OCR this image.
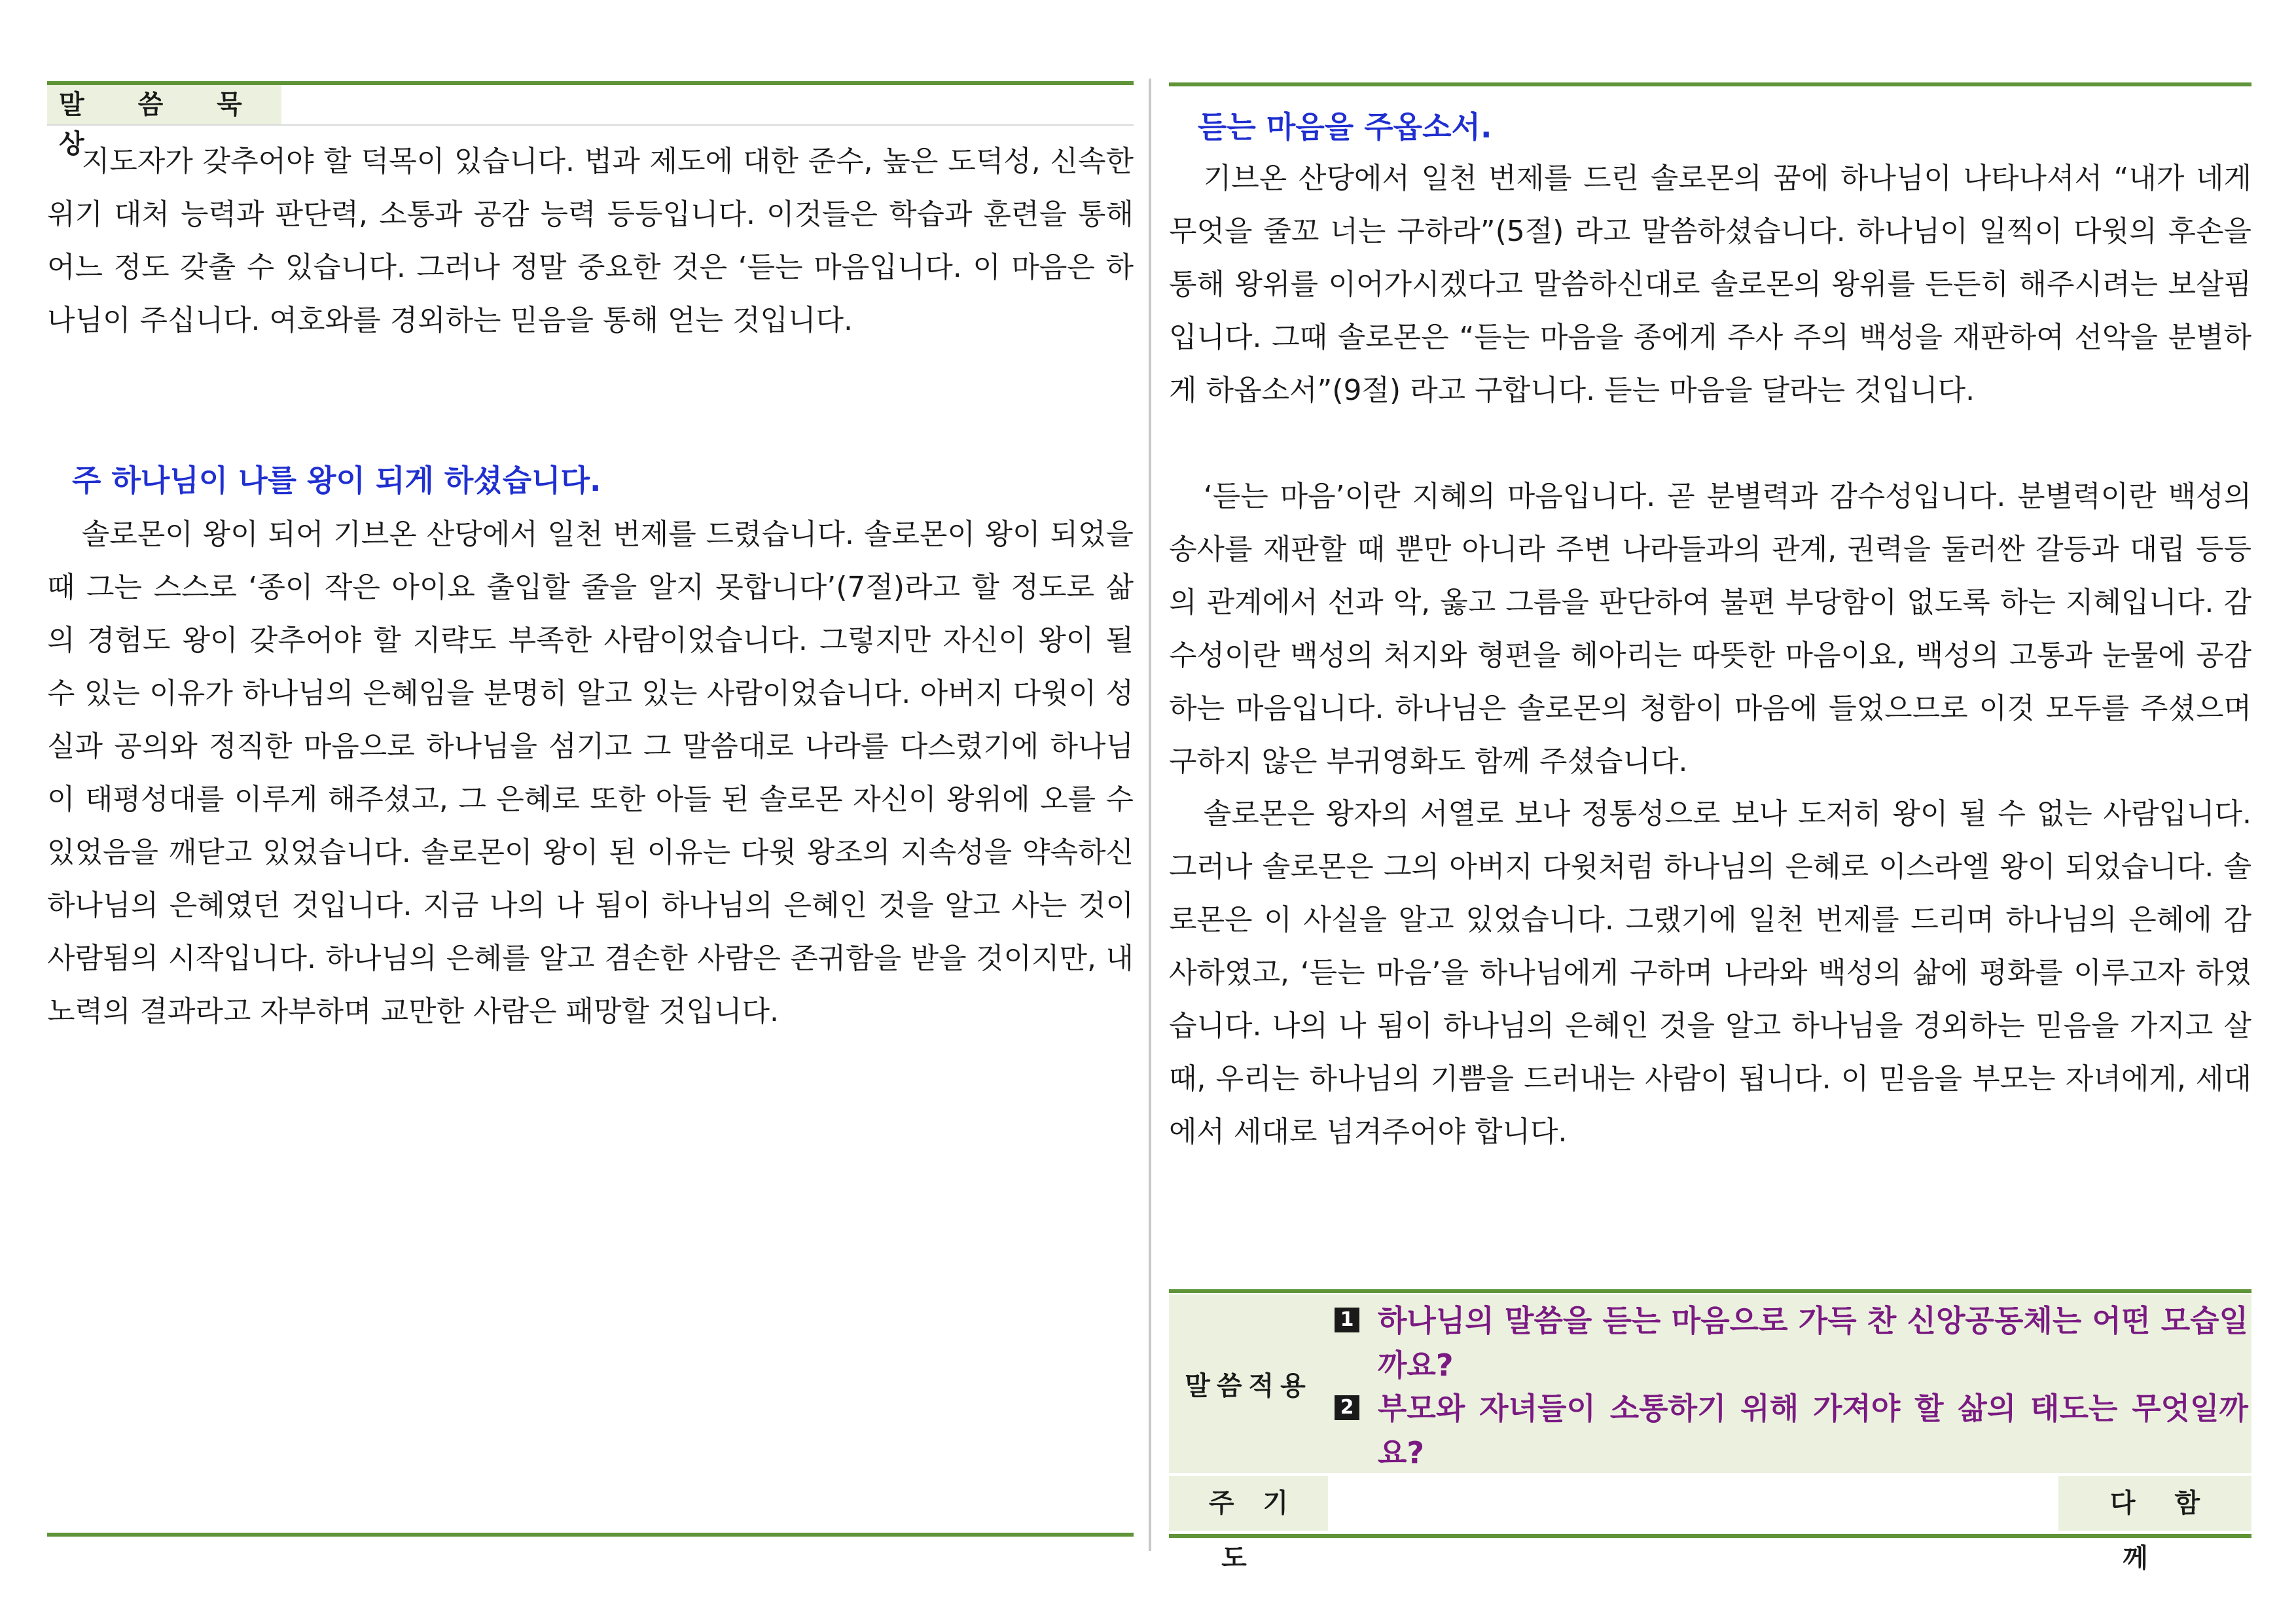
말 씀 묵 상

지도자가 갖추어야 할 덕목이 있습니다. 법과 제도에 대한 준수, 높은 도덕성, 신속한 위기 대처 능력과 판단력, 소통과 공감 능력 등등입니다. 이것들은 학습과 훈련을 통해 어느 정도 갖출 수 있습니다. 그러나 정말 중요한 것은 ‘듣는 마음입니다. 이 마음은 하나님이 주십니다. 여호와를 경외하는 믿음을 통해 얻는 것입니다.

주 하나님이 나를 왕이 되게 하셨습니다.

솔로몬이 왕이 되어 기브온 산당에서 일천 번제를 드렸습니다. 솔로몬이 왕이 되었을 때 그는 스스로 ‘종이 작은 아이요 출입할 줄을 알지 못합니다’(7절)라고 할 정도로 삶의 경험도 왕이 갖추어야 할 지략도 부족한 사람이었습니다. 그렇지만 자신이 왕이 될 수 있는 이유가 하나님의 은혜임을 분명히 알고 있는 사람이었습니다. 아버지 다윗이 성실과 공의와 정직한 마음으로 하나님을 섬기고 그 말씀대로 나라를 다스렸기에 하나님이 태평성대를 이루게 해주셨고, 그 은혜로 또한 아들 된 솔로몬 자신이 왕위에 오를 수 있었음을 깨닫고 있었습니다. 솔로몬이 왕이 된 이유는 다윗 왕조의 지속성을 약속하신 하나님의 은혜였던 것입니다. 지금 나의 나 됨이 하나님의 은혜인 것을 알고 사는 것이 사람됨의 시작입니다. 하나님의 은혜를 알고 겸손한 사람은 존귀함을 받을 것이지만, 내 노력의 결과라고 자부하며 교만한 사람은 패망할 것입니다.

듣는 마음을 주옵소서.

기브온 산당에서 일천 번제를 드린 솔로몬의 꿈에 하나님이 나타나셔서 “내가 네게 무엇을 줄꼬 너는 구하라”(5절) 라고 말씀하셨습니다. 하나님이 일찍이 다윗의 후손을 통해 왕위를 이어가시겠다고 말씀하신대로 솔로몬의 왕위를 든든히 해주시려는 보살핌입니다. 그때 솔로몬은 “듣는 마음을 종에게 주사 주의 백성을 재판하여 선악을 분별하게 하옵소서”(9절) 라고 구합니다. 듣는 마음을 달라는 것입니다.

‘듣는 마음’이란 지혜의 마음입니다. 곧 분별력과 감수성입니다. 분별력이란 백성의 송사를 재판할 때 뿐만 아니라 주변 나라들과의 관계, 권력을 둘러싼 갈등과 대립 등등의 관계에서 선과 악, 옳고 그름을 판단하여 불편 부당함이 없도록 하는 지혜입니다. 감수성이란 백성의 처지와 형편을 헤아리는 따뜻한 마음이요, 백성의 고통과 눈물에 공감하는 마음입니다. 하나님은 솔로몬의 청함이 마음에 들었으므로 이것 모두를 주셨으며 구하지 않은 부귀영화도 함께 주셨습니다.

솔로몬은 왕자의 서열로 보나 정통성으로 보나 도저히 왕이 될 수 없는 사람입니다. 그러나 솔로몬은 그의 아버지 다윗처럼 하나님의 은혜로 이스라엘 왕이 되었습니다. 솔로몬은 이 사실을 알고 있었습니다. 그랬기에 일천 번제를 드리며 하나님의 은혜에 감사하였고, ‘듣는 마음’을 하나님에게 구하며 나라와 백성의 삶에 평화를 이루고자 하였습니다. 나의 나 됨이 하나님의 은혜인 것을 알고 하나님을 경외하는 믿음을 가지고 살 때, 우리는 하나님의 기쁨을 드러내는 사람이 됩니다. 이 믿음을 부모는 자녀에게, 세대에서 세대로 넘겨주어야 합니다.

말씀적용
1 하나님의 말씀을 듣는 마음으로 가득 찬 신앙공동체는 어떤 모습일까요?
2 부모와 자녀들이 소통하기 위해 가져야 할 삶의 태도는 무엇일까요?
주기도
다함께
